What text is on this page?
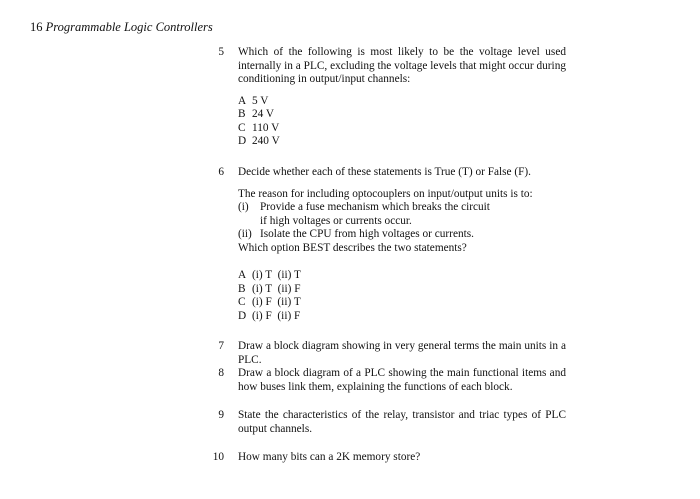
16 Programmable Logic Controllers
5 Which of the following is most likely to be the voltage level used internally in a PLC, excluding the voltage levels that might occur during conditioning in output/input channels:
A 5 V
B 24 V
C 110 V
D 240 V
6 Decide whether each of these statements is True (T) or False (F).
The reason for including optocouplers on input/output units is to:
(i)	Provide a fuse mechanism which breaks the circuit if high voltages or currents occur.
(ii) Isolate the CPU from high voltages or currents.
Which option BEST describes the two statements?
A (i) T  (ii) T
B (i) T  (ii) F
C (i) F  (ii) T
D (i) F  (ii) F
7 Draw a block diagram showing in very general terms the main units in a PLC.
8 Draw a block diagram of a PLC showing the main functional items and how buses link them, explaining the functions of each block.
9 State the characteristics of the relay, transistor and triac types of PLC output channels.
10 How many bits can a 2K memory store?
